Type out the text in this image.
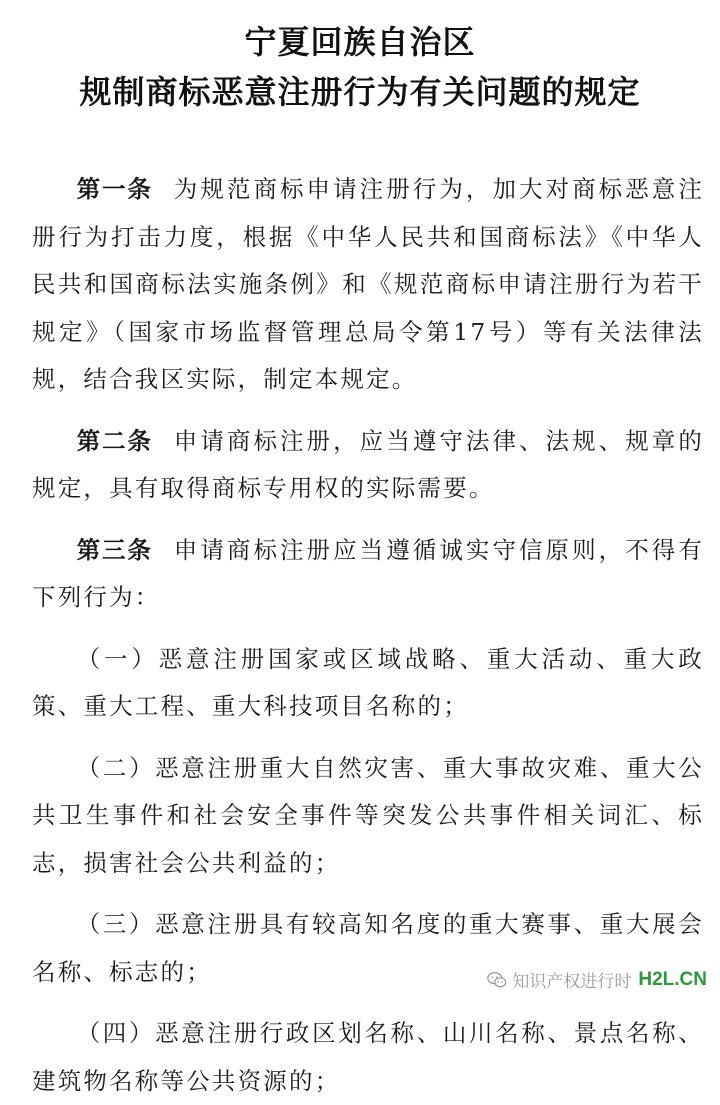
宁夏回族自治区
规制商标恶意注册行为有关问题的规定

第一条 为规范商标申请注册行为，加大对商标恶意注册行为打击力度，根据《中华人民共和国商标法》《中华人民共和国商标法实施条例》和《规范商标申请注册行为若干规定》（国家市场监督管理总局令第17号）等有关法律法规，结合我区实际，制定本规定。

第二条 申请商标注册，应当遵守法律、法规、规章的规定，具有取得商标专用权的实际需要。

第三条 申请商标注册应当遵循诚实守信原则，不得有下列行为：

（一）恶意注册国家或区域战略、重大活动、重大政策、重大工程、重大科技项目名称的；

（二）恶意注册重大自然灾害、重大事故灾难、重大公共卫生事件和社会安全事件等突发公共事件相关词汇、标志，损害社会公共利益的；

（三）恶意注册具有较高知名度的重大赛事、重大展会名称、标志的；

（四）恶意注册行政区划名称、山川名称、景点名称、建筑物名称等公共资源的；

知识产权进行时 H2L.CN
